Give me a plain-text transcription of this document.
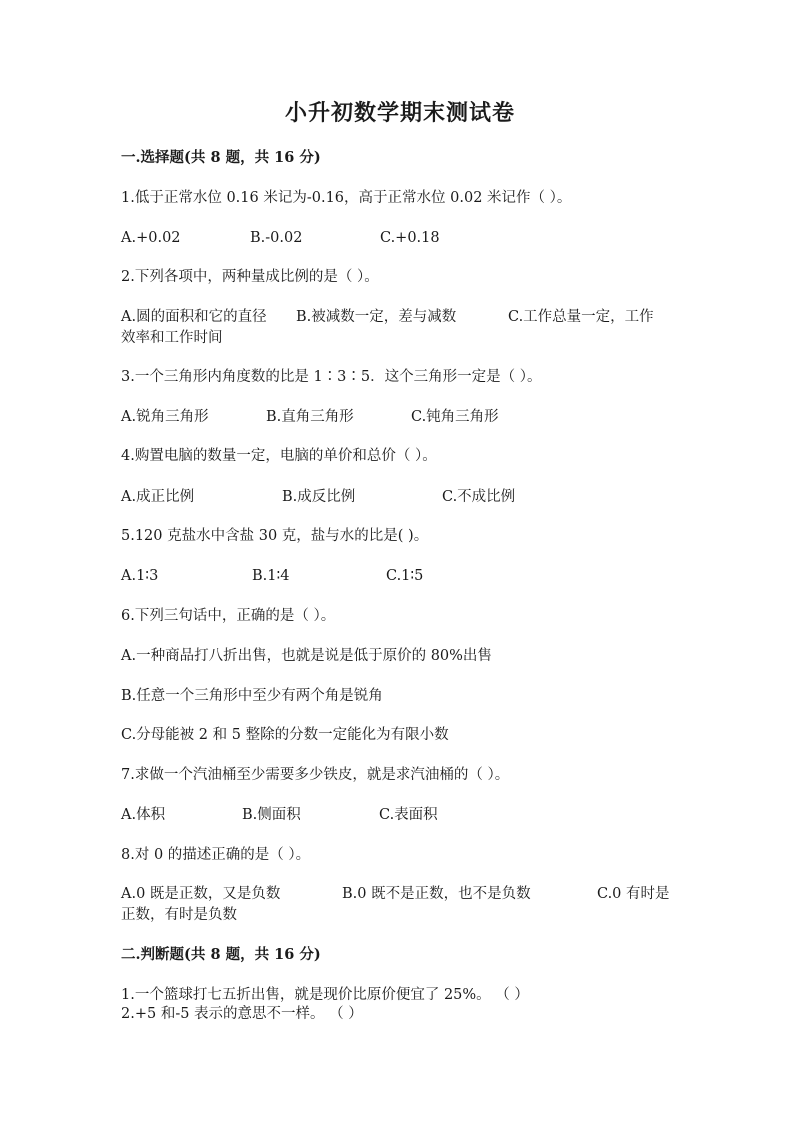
小升初数学期末测试卷
一.选择题(共 8 题，共 16 分)
1.低于正常水位 0.16 米记为-0.16，高于正常水位 0.02 米记作（ ）。
A.+0.02	B.-0.02	C.+0.18
2.下列各项中，两种量成比例的是（ ）。
A.圆的面积和它的直径 B.被减数一定，差与减数	C.工作总量一定，工作
效率和工作时间
3.一个三角形内角度数的比是 1∶3∶5．这个三角形一定是（ ）。
A.锐角三角形	B.直角三角形	C.钝角三角形
4.购置电脑的数量一定，电脑的单价和总价（ ）。
A.成正比例	B.成反比例	C.不成比例
5.120 克盐水中含盐 30 克，盐与水的比是( )。
A.1∶3	B.1∶4	C.1∶5
6.下列三句话中，正确的是（ ）。
A.一种商品打八折出售，也就是说是低于原价的 80%出售
B.任意一个三角形中至少有两个角是锐角
C.分母能被 2 和 5 整除的分数一定能化为有限小数
7.求做一个汽油桶至少需要多少铁皮，就是求汽油桶的（ ）。
A.体积	B.侧面积	C.表面积
8.对 0 的描述正确的是（ ）。
A.0 既是正数，又是负数	B.0 既不是正数，也不是负数	C.0 有时是
正数，有时是负数
二.判断题(共 8 题，共 16 分)
1.一个篮球打七五折出售，就是现价比原价便宜了 25%。 （ ）
2.+5 和-5 表示的意思不一样。 （ ）
